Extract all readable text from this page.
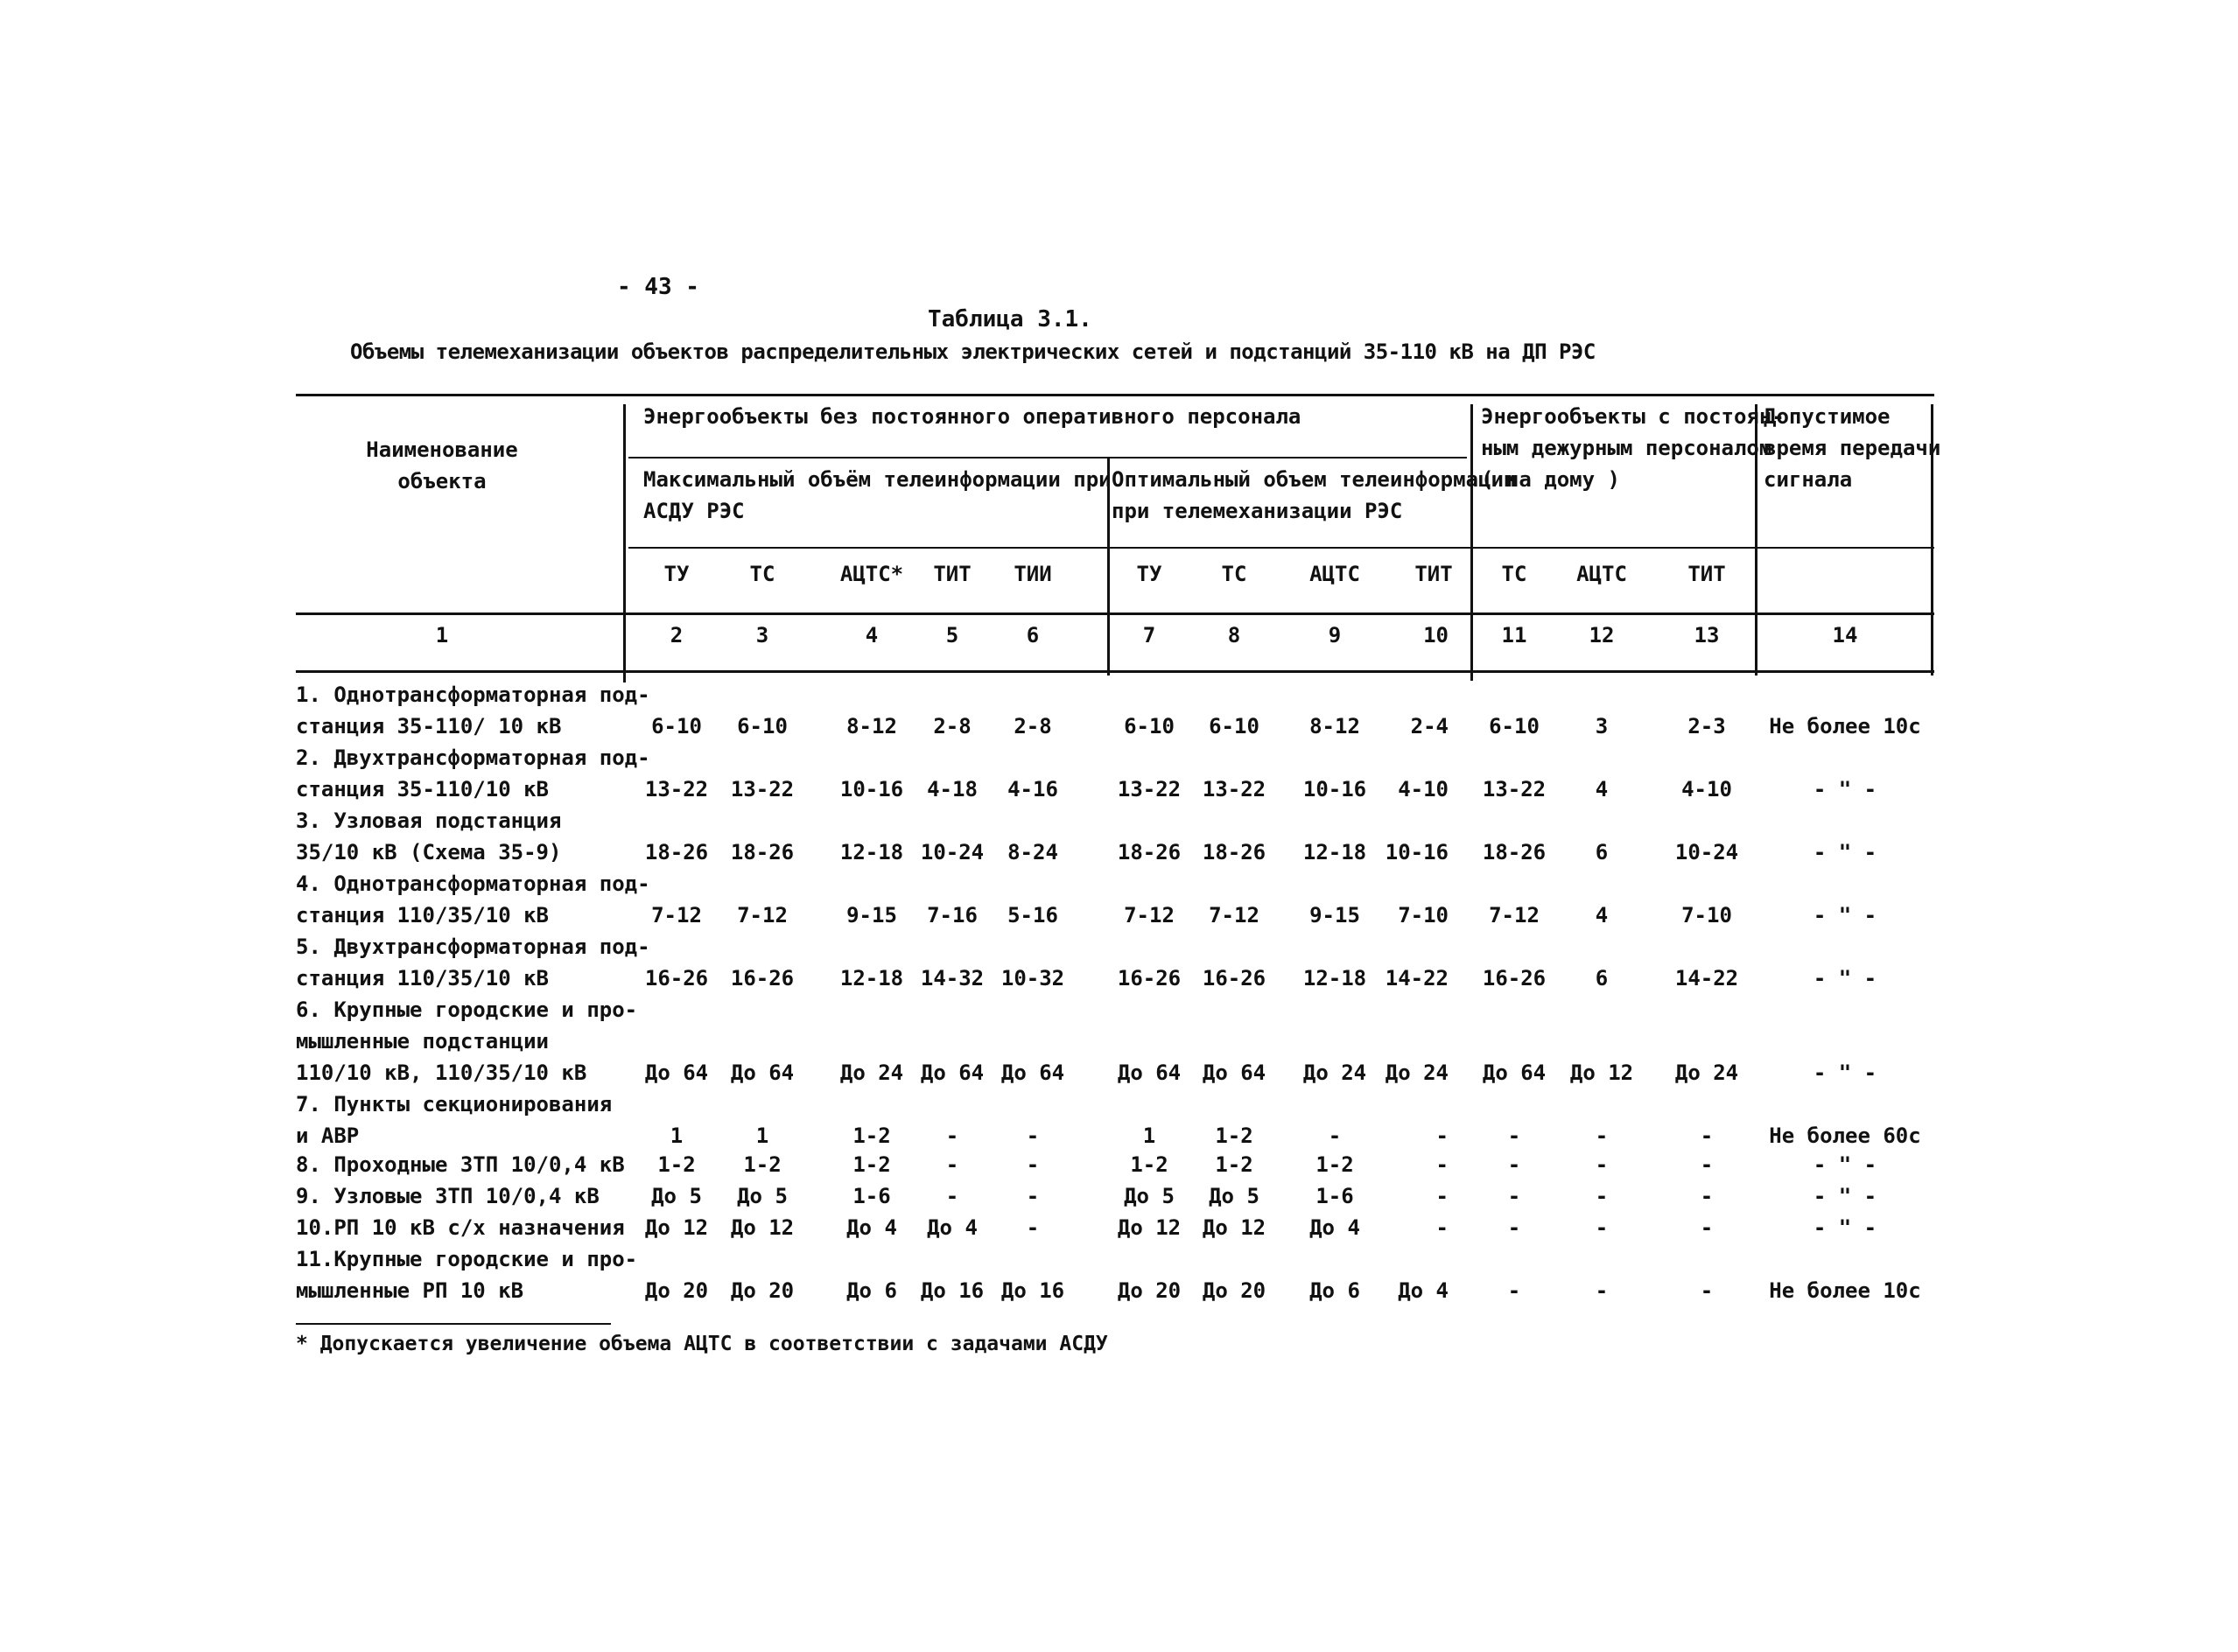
- 43 -
Таблица 3.1.
Объемы телемеханизации объектов распределительных электрических сетей и подстанций 35-110 кВ на ДП РЭС
Наименование
объекта
Энергообъекты без постоянного оперативного персонала
Максимальный объём телеинформации при
АСДУ РЭС
Оптимальный объем телеинформации
при телемеханизации РЭС
Энергообъекты с постоян-
ным дежурным персоналом
( на дому )
Допустимое
время передачи
сигнала
ТУ	ТС	АЦТС* ТИТ ТИИ	ТУ	ТС	АЦТС	ТИТ ТС АЦТС	ТИТ
1	2	3	4	5	6	7	8	9	10	11	12	13	14
1. Однотрансформаторная под-
станция 35-110/ 10 кВ	6-10 6-10	8-12 2-8 2-8	6-10 6-10 8-12 2-4 6-10	3	2-3 Не более 10с
2. Двухтрансформаторная под-
станция 35-110/10 кВ	13-22 13-22 10-16 4-18 4-16	13-22 13-22 10-16 4-10 13-22 4	4-10	- " -
3. Узловая подстанция
35/10 кВ (Схема 35-9)	18-26 18-26 12-18 10-24 8-24	18-26 18-26 12-18 10-16 18-26 6	10-24	- " -
4. Однотрансформаторная под-
станция 110/35/10 кВ	7-12 7-12	9-15 7-16 5-16	7-12 7-12 9-15 7-10 7-12	4	7-10	- " -
5. Двухтрансформаторная под-
станция 110/35/10 кВ	16-26 16-26 12-18 14-32 10-32	16-26 16-26 12-18 14-22 16-26 6	14-22	- " -
6. Крупные городские и про-
мышленные подстанции
110/10 кВ, 110/35/10 кВ	До 64 До 64 До 24 До 64 До 64	До 64 До 64 До 24 До 24 До 64 До 12 До 24	- " -
7. Пункты секционирования
и АВР	1	1	1-2	-	-	1	1-2	-	-	-	-	-	Не более 60с
8. Проходные ЗТП 10/0,4 кВ 1-2 1-2	1-2	-	-	1-2 1-2	1-2	-	-	-	-	- " -
9. Узловые ЗТП 10/0,4 кВ До 5 До 5	1-6	-	-	До 5 До 5	1-6	-	-	-	-	- " -
10.РП 10 кВ с/х назначения До 12 До 12 До 4 До 4 -	До 12 До 12 До 4	-	-	-	-	- " -
11.Крупные городские и про-
мышленные РП 10 кВ	До 20 До 20 До 6 До 16 До 16	До 20 До 20 До 6 До 4	-	-	-	Не более 10с
* Допускается увеличение объема АЦТС в соответствии с задачами АСДУ
